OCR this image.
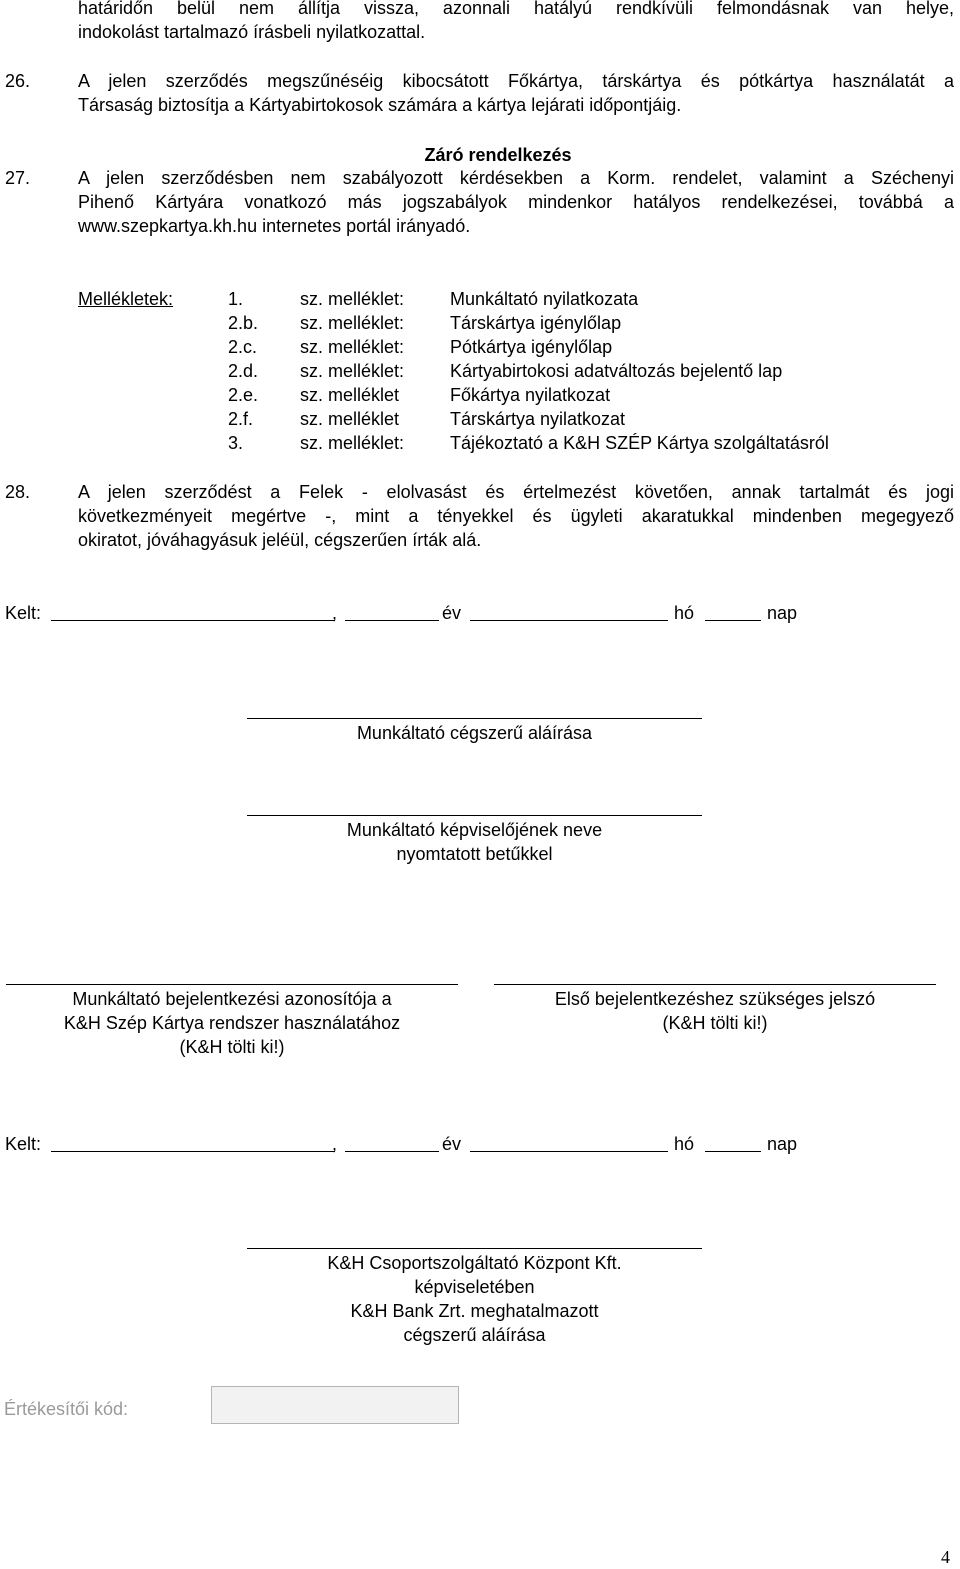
határidőn belül nem állítja vissza, azonnali hatályú rendkívüli felmondásnak van helye,
indokolást tartalmazó írásbeli nyilatkozattal.
26.	A jelen szerződés megszűnéséig kibocsátott Főkártya, társkártya és pótkártya használatát a
Társaság biztosítja a Kártyabirtokosok számára a kártya lejárati időpontjáig.
Záró rendelkezés
27.	A jelen szerződésben nem szabályozott kérdésekben a Korm. rendelet, valamint a Széchenyi
Pihenő Kártyára vonatkozó más jogszabályok mindenkor hatályos rendelkezései, továbbá a
www.szepkartya.kh.hu internetes portál irányadó.
Mellékletek:	1.	sz. melléklet:	Munkáltató nyilatkozata
2.b. sz. melléklet:	Társkártya igénylőlap
2.c. sz. melléklet:	Pótkártya igénylőlap
2.d. sz. melléklet:	Kártyabirtokosi adatváltozás bejelentő lap
2.e. sz. melléklet	Főkártya nyilatkozat
2.f.	sz. melléklet	Társkártya nyilatkozat
3.	sz. melléklet:	Tájékoztató a K&H SZÉP Kártya szolgáltatásról
28.	A jelen szerződést a Felek - elolvasást és értelmezést követően, annak tartalmát és jogi
következményeit megértve -, mint a tényekkel és ügyleti akaratukkal mindenben megegyező
okiratot, jóváhagyásuk jeléül, cégszerűen írták alá.
Kelt:	,	év	hó	nap
Munkáltató cégszerű aláírása
Munkáltató képviselőjének neve
nyomtatott betűkkel
Munkáltató bejelentkezési azonosítója a
K&H Szép Kártya rendszer használatához
(K&H tölti ki!)
Első bejelentkezéshez szükséges jelszó
(K&H tölti ki!)
Kelt:	,	év	hó	nap
K&H Csoportszolgáltató Központ Kft.
képviseletében
K&H Bank Zrt. meghatalmazott
cégszerű aláírása
Értékesítői kód:
4
